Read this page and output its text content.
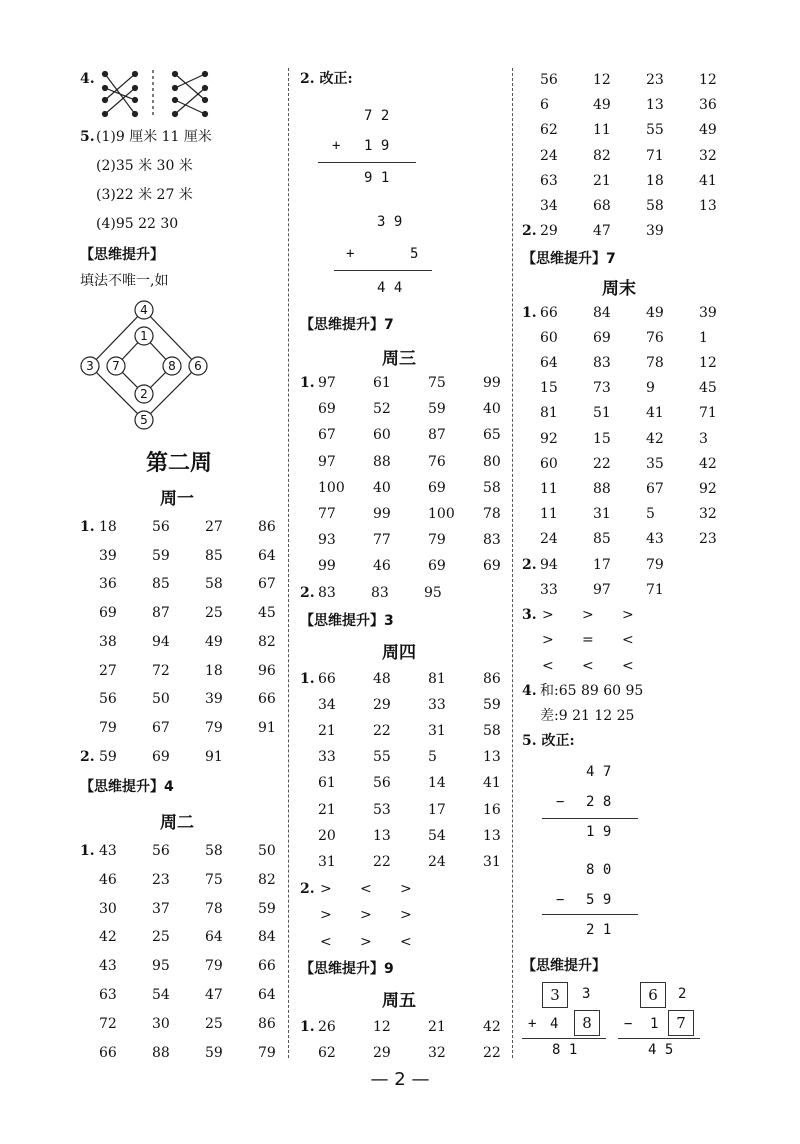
4.
5. (1)9 厘米 11 厘米
(2)35 米 30 米
(3)22 米 27 米
(4)95 22 30
【思维提升】
填法不唯一,如
4
1
3 7	8 6
2
5
第二周
周一
1. 18	56	27	86
39	59	85	64
36	85	58	67
69	87	25	45
38	94	49	82
27	72	18	96
56	50	39	66
79	67	79	91
2. 59	69	91
【思维提升】4
周二
1. 43	56	58	50
46	23	75	82
30	37	78	59
42	25	64	84
43	95	79	66
63	54	47	64
72	30	25	86
66	88	59	79
2. 改正:
7 2
+ 1 9
9 1
3 9
+	5
4 4
【思维提升】7
周三
1. 97	61	75	99
69	52	59	40
67	60	87	65
97	88	76	80
100	40	69	58
77	99	100	78
93	77	79	83
99	46	69	69
2. 83	83	95
【思维提升】3
周四
1. 66	48	81	86
34	29	33	59
21	22	31	58
33	55	5	13
61	56	14	41
21	53	17	16
20	13	54	13
31	22	24	31
2. >	<	>
>	>	>
<	>	<
【思维提升】9
周五
1. 26	12	21	42
62	29	32	22
56	12	23	12
6	49	13	36
62	11	55	49
24	82	71	32
63	21	18	41
34	68	58	13
2. 29	47	39
【思维提升】7
周末
1. 66	84	49	39
60	69	76	1
64	83	78	12
15	73	9	45
81	51	41	71
92	15	42	3
60	22	35	42
11	88	67	92
11	31	5	32
24	85	43	23
2. 94	17	79
33	97	71
3. >	>	>
>	=	<
<	<	<
4. 和:65 89 60 95
差:9 21 12 25
5. 改正:
4 7
− 2 8
1 9
8 0
− 5 9
2 1
【思维提升】
3	3
+ 4	8
8 1
6	2
− 1	7
4 5
— 2 —
